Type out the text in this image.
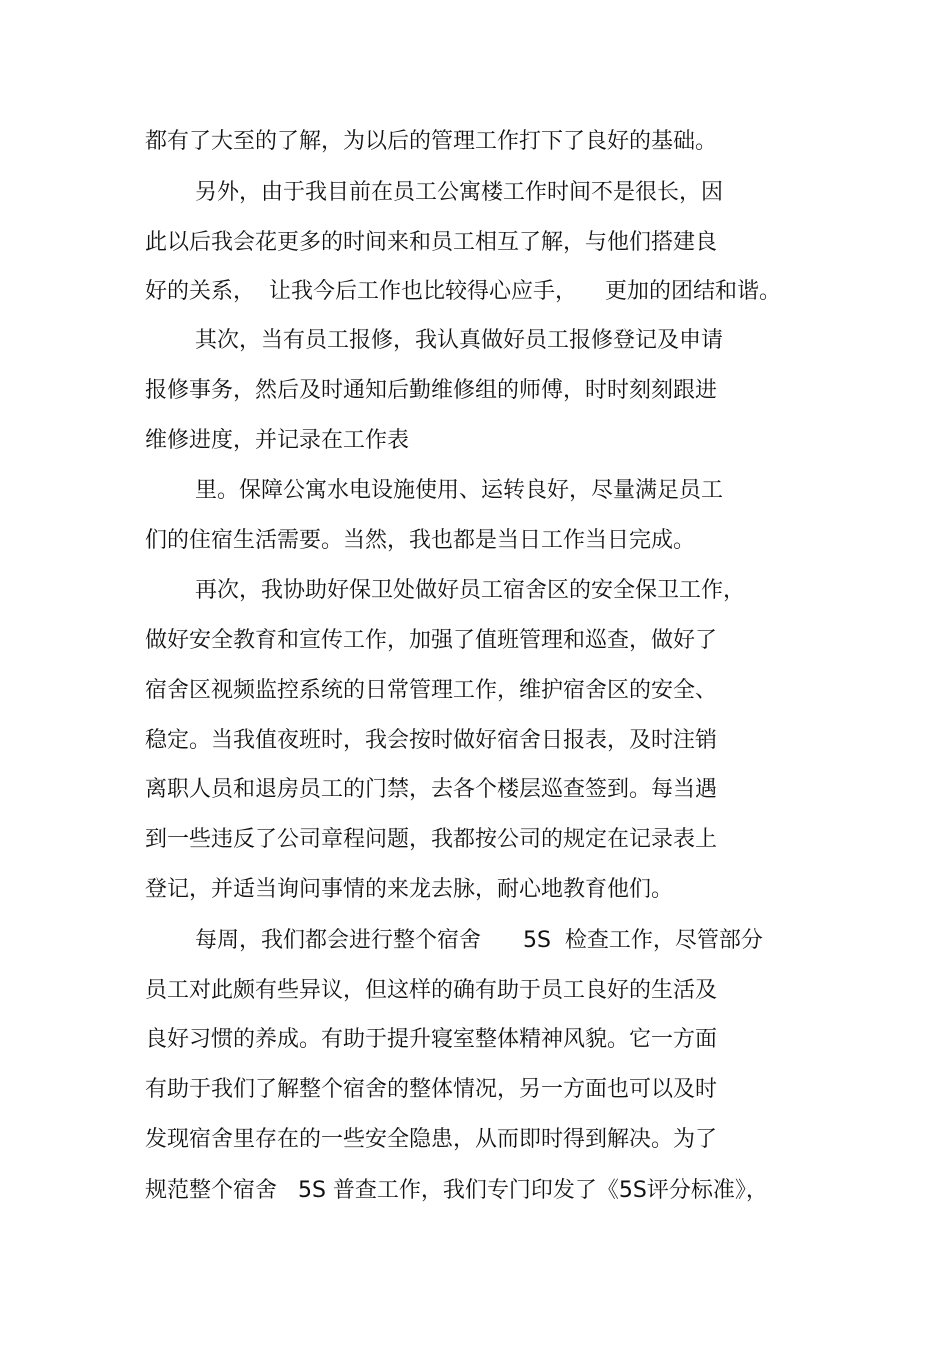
都有了大至的了解，为以后的管理工作打下了良好的基础。
另外，由于我目前在员工公寓楼工作时间不是很长，因
此以后我会花更多的时间来和员工相互了解，与他们搭建良
好的关系，  让我今后工作也比较得心应手，    更加的团结和谐。
其次，当有员工报修，我认真做好员工报修登记及申请
报修事务，然后及时通知后勤维修组的师傅，时时刻刻跟进
维修进度，并记录在工作表
里。保障公寓水电设施使用、运转良好，尽量满足员工
们的住宿生活需要。当然，我也都是当日工作当日完成。
再次，我协助好保卫处做好员工宿舍区的安全保卫工作，
做好安全教育和宣传工作，加强了值班管理和巡查，做好了
宿舍区视频监控系统的日常管理工作，维护宿舍区的安全、
稳定。当我值夜班时，我会按时做好宿舍日报表，及时注销
离职人员和退房员工的门禁，去各个楼层巡查签到。每当遇
到一些违反了公司章程问题，我都按公司的规定在记录表上
登记，并适当询问事情的来龙去脉，耐心地教育他们。
每周，我们都会进行整个宿舍      5S  检查工作，尽管部分
员工对此颇有些异议，但这样的确有助于员工良好的生活及
良好习惯的养成。有助于提升寝室整体精神风貌。它一方面
有助于我们了解整个宿舍的整体情况，另一方面也可以及时
发现宿舍里存在的一些安全隐患，从而即时得到解决。为了
规范整个宿舍   5S 普查工作，我们专门印发了《5S评分标准》，
